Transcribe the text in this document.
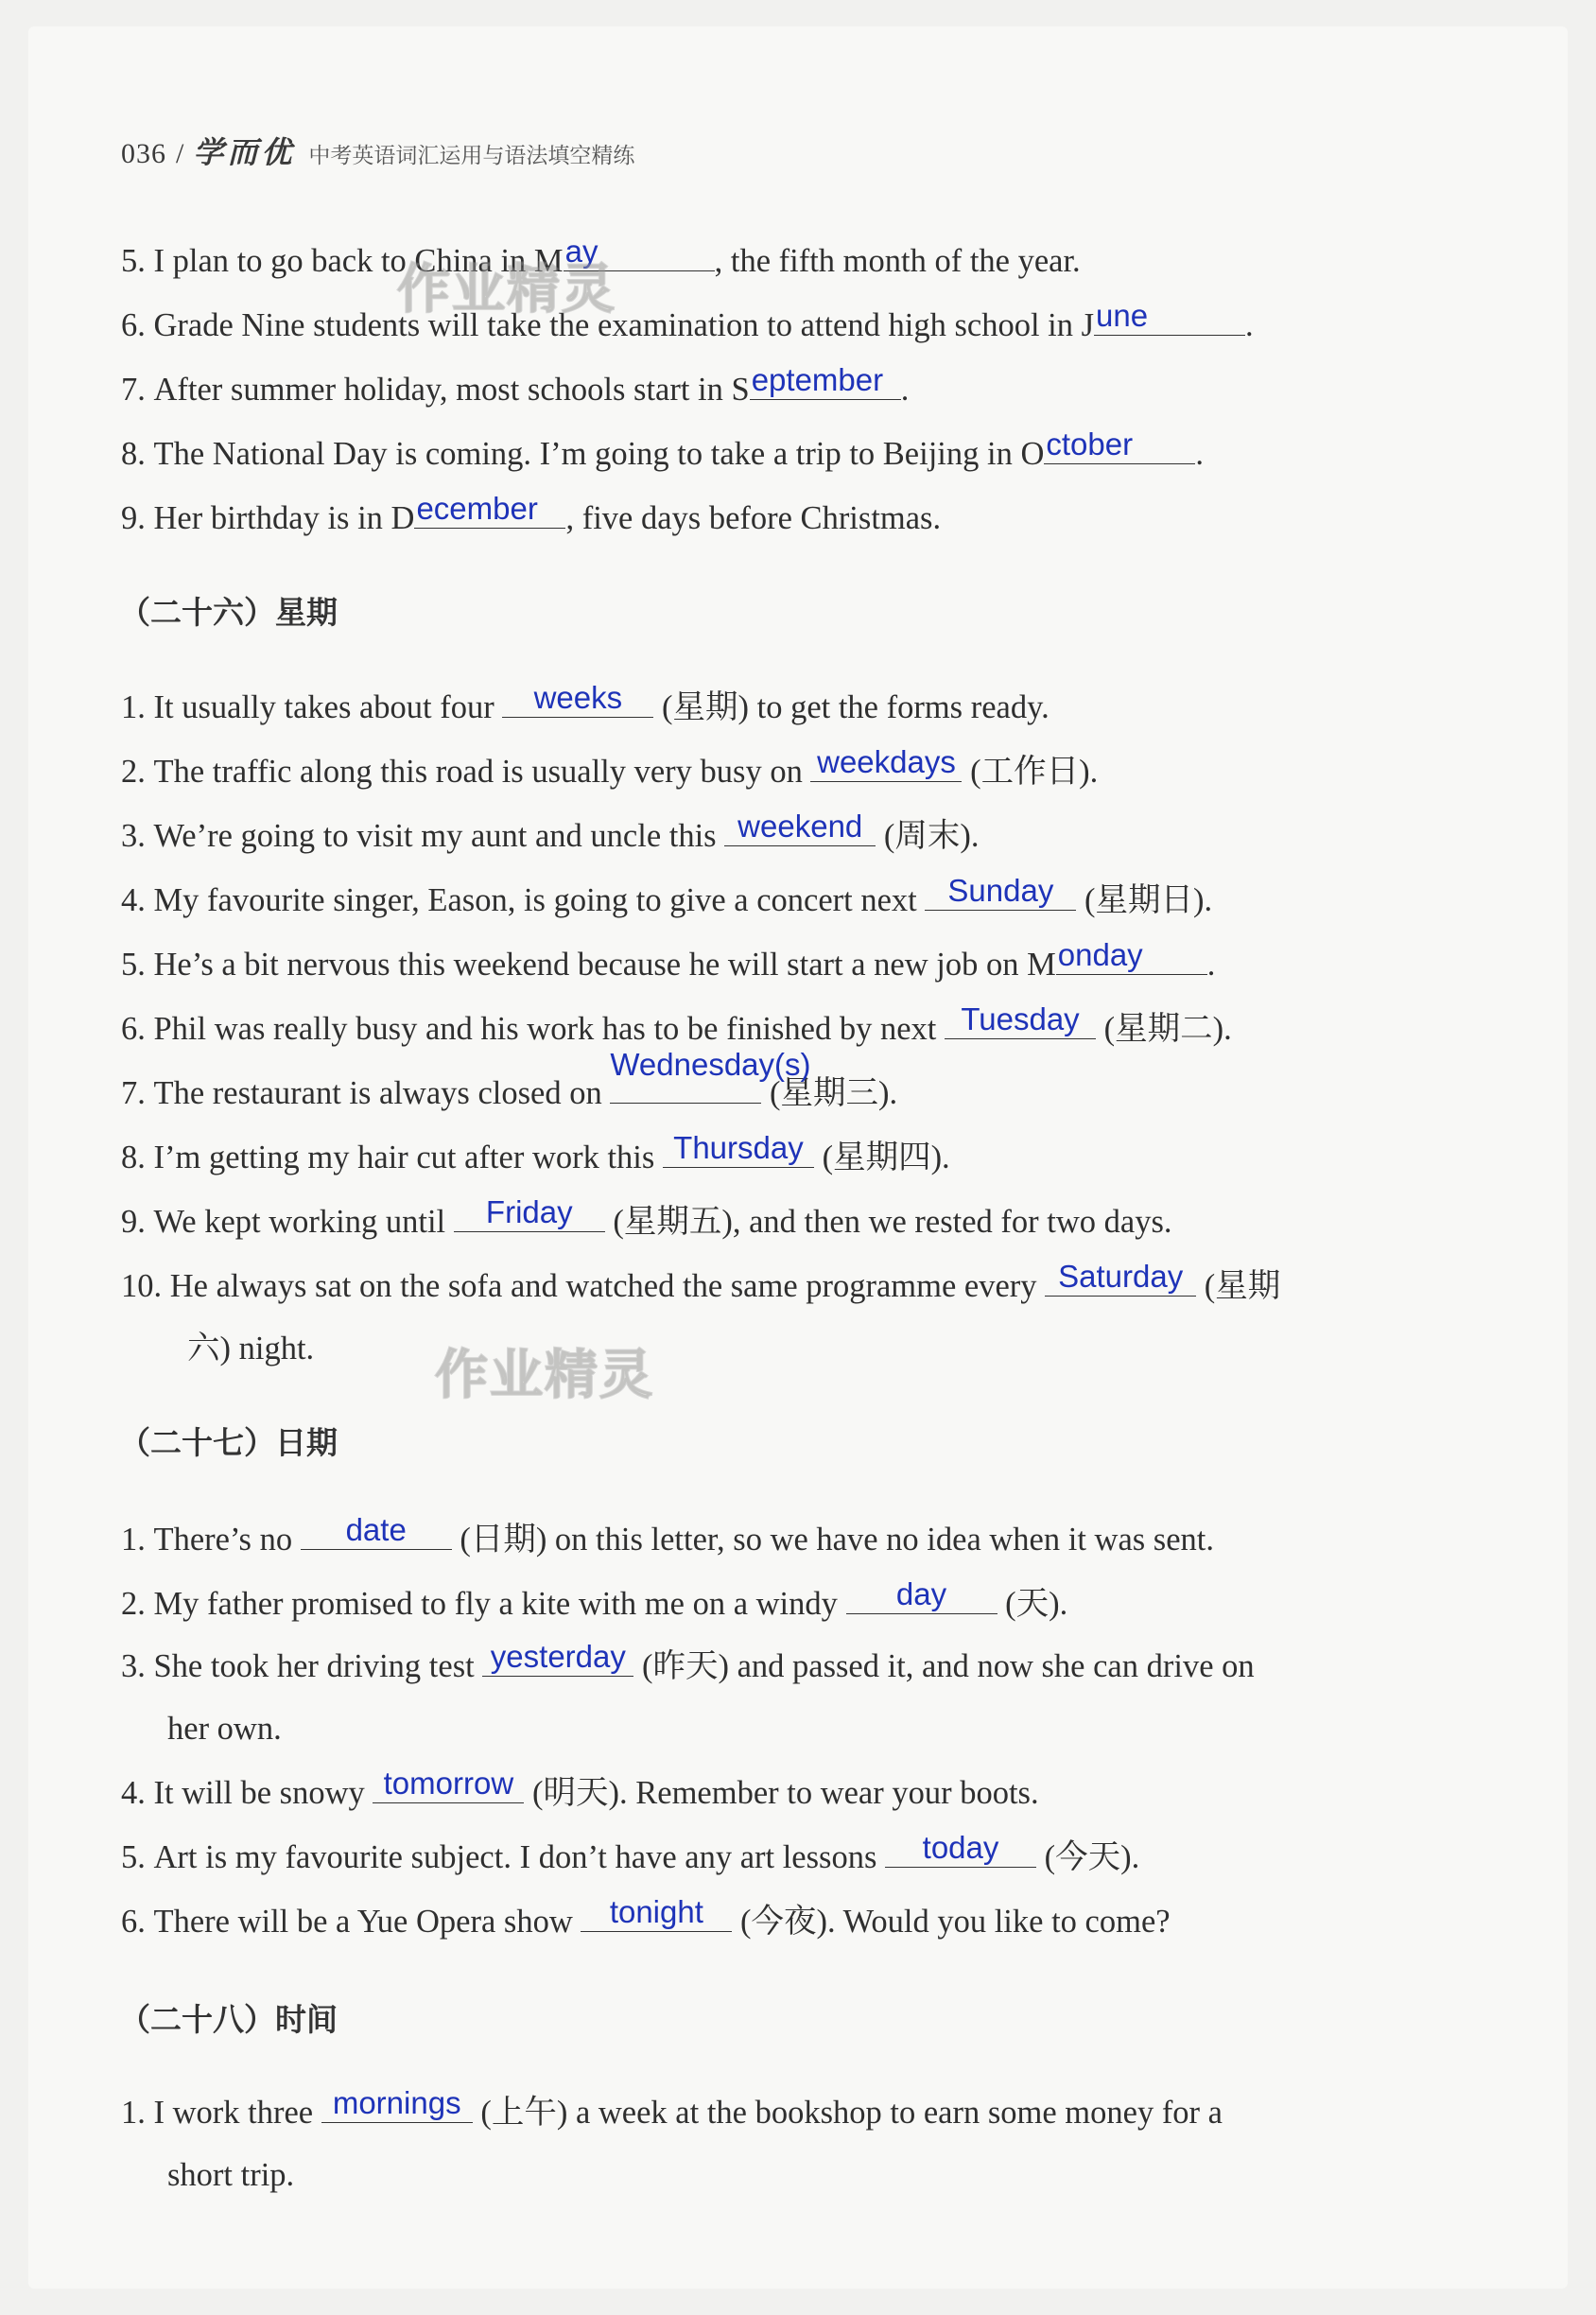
036 / 学而优 中考英语词汇运用与语法填空精练
5. I plan to go back to China in M ay	, the fifth month of the year.
6. Grade Nine students will take the examination to attend high school in J une	.
7. After summer holiday, most schools start in S eptember .
8. The National Day is coming. I’m going to take a trip to Beijing in O ctober	.
9. Her birthday is in D ecember , five days before Christmas.
（二十六）星期
1. It usually takes about four	weeks (星期) to get the forms ready.
2. The traffic along this road is usually very busy on weekdays (工作日).
3. We’re going to visit my aunt and uncle this weekend (周末).
4. My favourite singer, Eason, is going to give a concert next Sunday (星期日).
5. He’s a bit nervous this weekend because he will start a new job on M onday	.
6. Phil was really busy and his work has to be finished by next Tuesday (星期二).
7. The restaurant is always closed on
Wednesday(s)
(星期三).
8. I’m getting my hair cut after work this Thursday (星期四).
9. We kept working until	Friday (星期五), and then we rested for two days.
10. He always sat on the sofa and watched the same programme every Saturday (星期
六) night.
（二十七）日期
1. There’s no	date	(日期) on this letter, so we have no idea when it was sent.
2. My father promised to fly a kite with me on a windy	day	(天).
3. She took her driving test yesterday (昨天) and passed it, and now she can drive on
her own.
4. It will be snowy tomorrow (明天). Remember to wear your boots.
5. Art is my favourite subject. I don’t have any art lessons	today	(今天).
6. There will be a Yue Opera show tonight (今夜). Would you like to come?
（二十八）时间
1. I work three mornings (上午) a week at the bookshop to earn some money for a
short trip.
作业精灵
作业精灵
